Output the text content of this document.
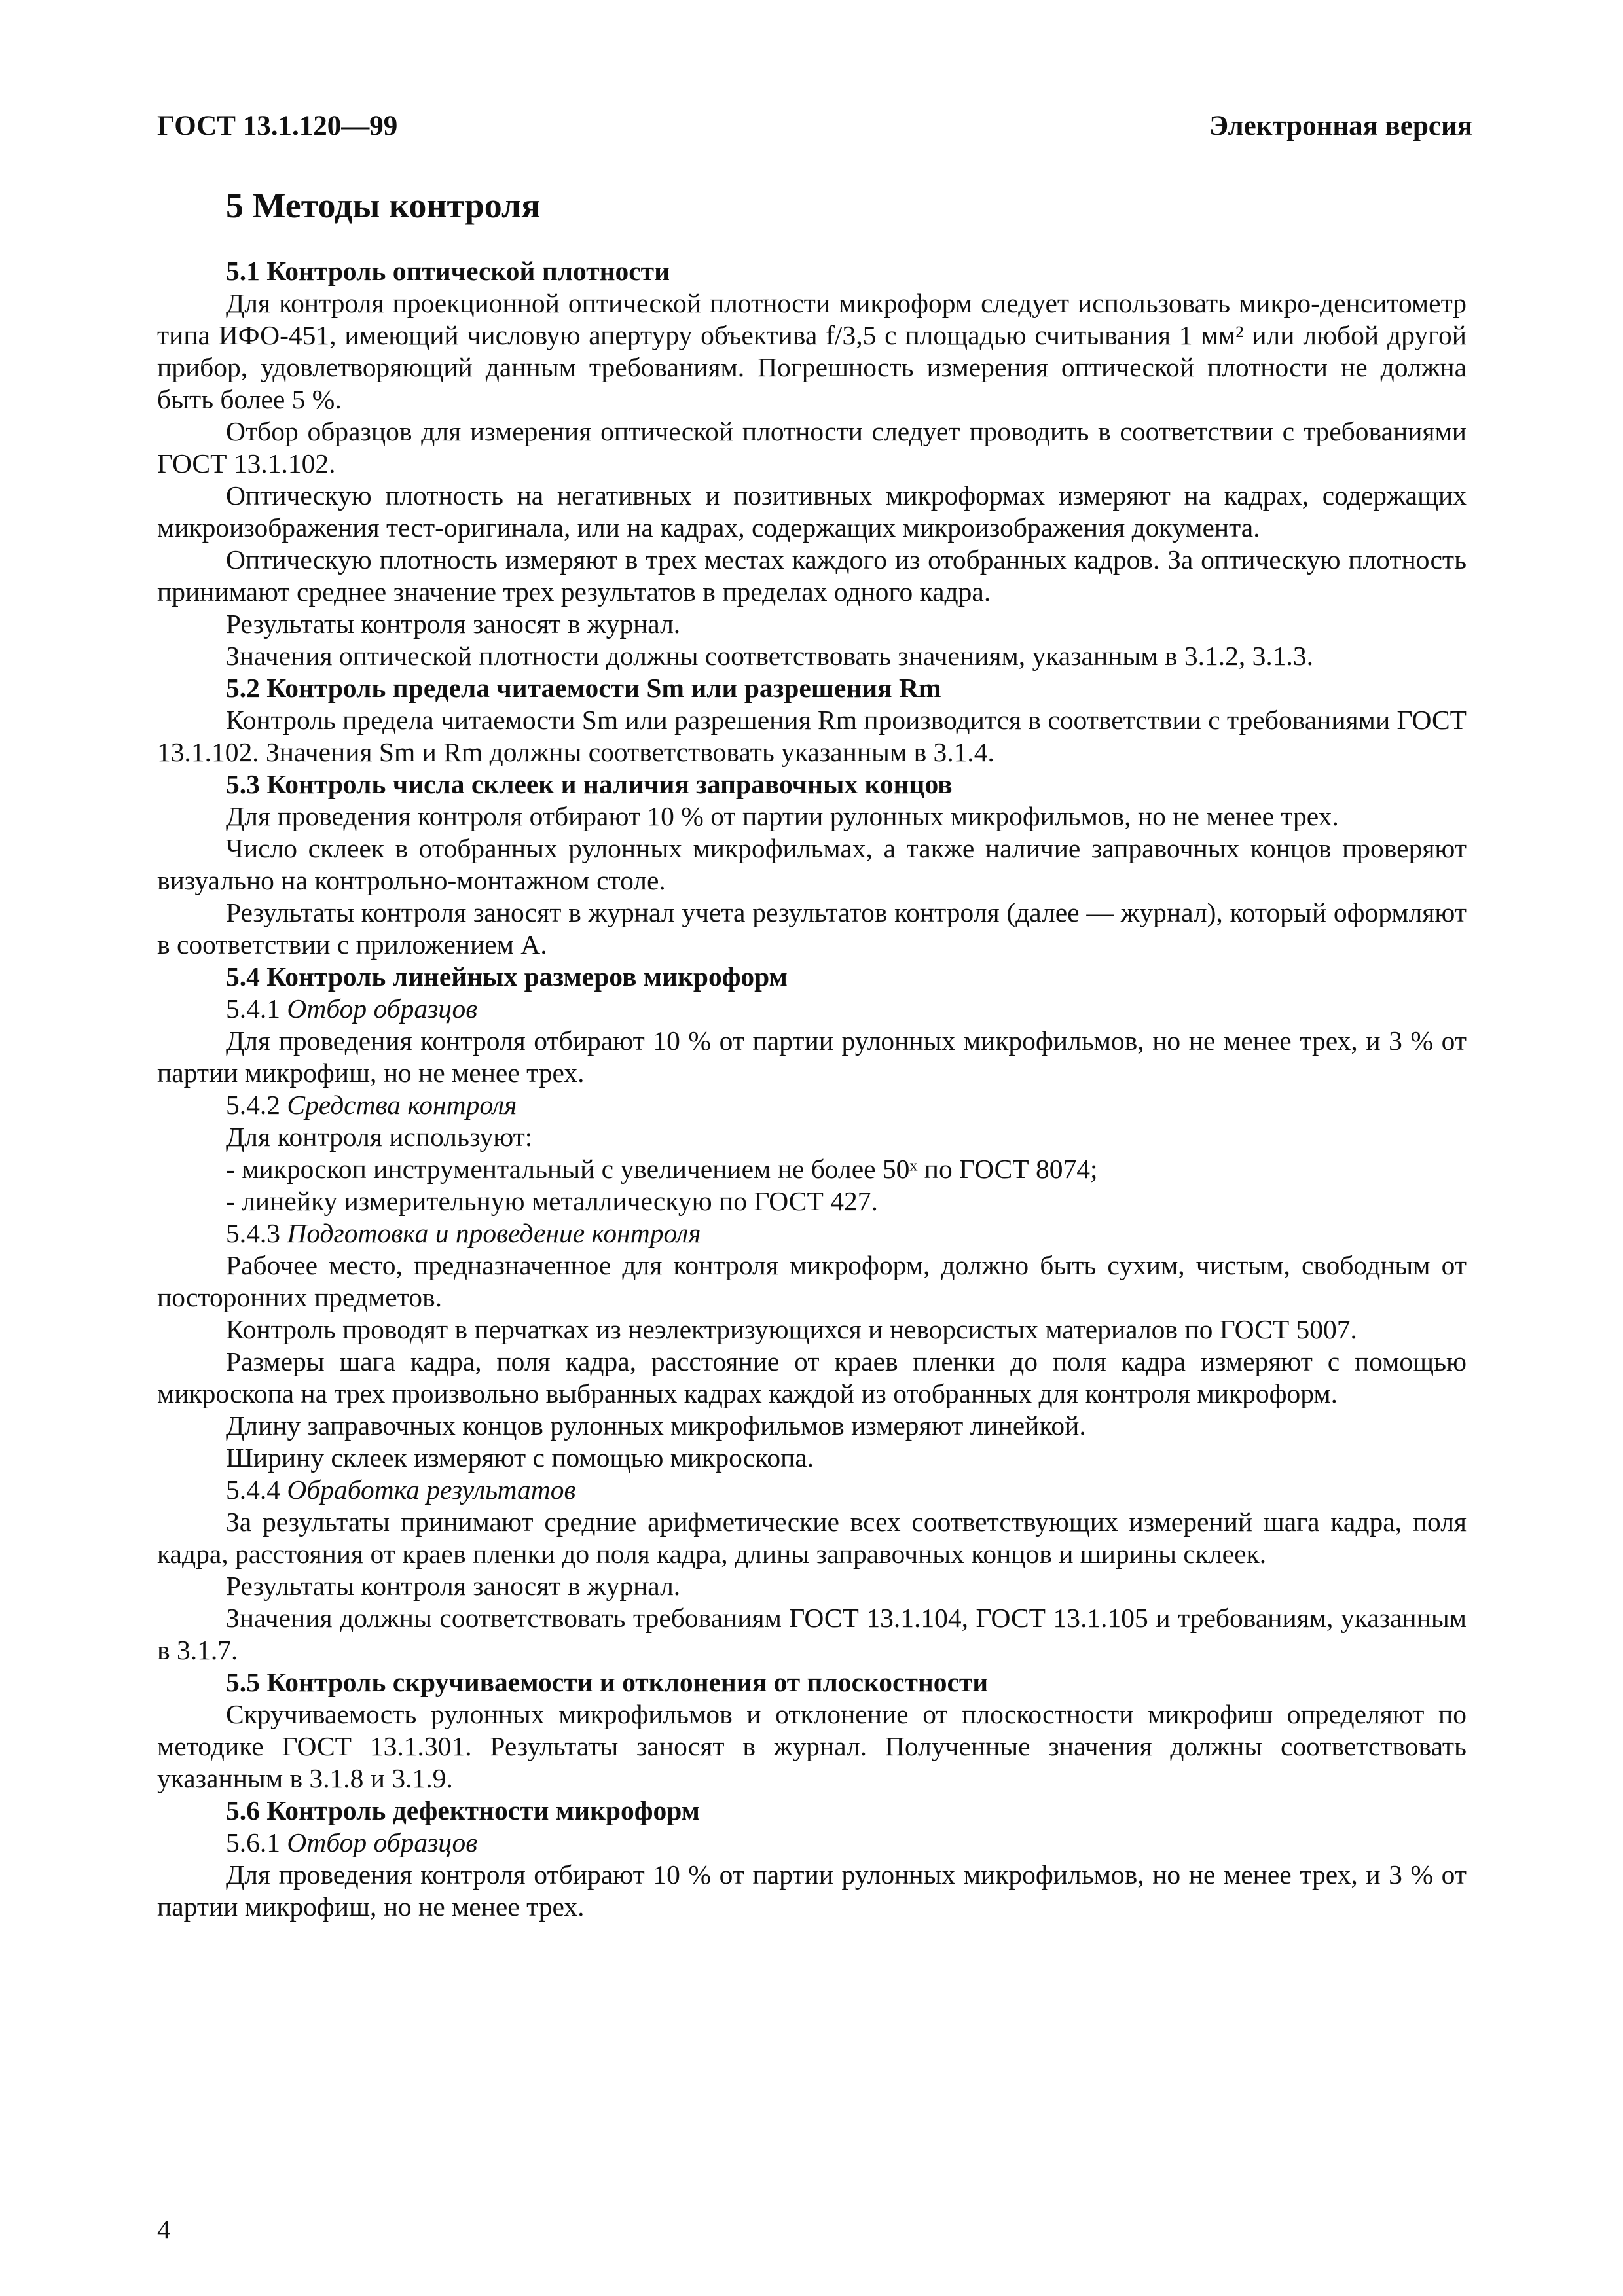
ГОСТ 13.1.120—99	Электронная версия
5 Методы контроля

5.1 Контроль оптической плотности

Для контроля проекционной оптической плотности микроформ следует использовать микро-денситометр типа ИФО-451, имеющий числовую апертуру объектива f/3,5 с площадью считывания 1 мм² или любой другой прибор, удовлетворяющий данным требованиям. Погрешность измерения оптической плотности не должна быть более 5 %.

Отбор образцов для измерения оптической плотности следует проводить в соответствии с требованиями ГОСТ 13.1.102.

Оптическую плотность на негативных и позитивных микроформах измеряют на кадрах, содержащих микроизображения тест-оригинала, или на кадрах, содержащих микроизображения документа.

Оптическую плотность измеряют в трех местах каждого из отобранных кадров. За оптическую плотность принимают среднее значение трех результатов в пределах одного кадра.

Результаты контроля заносят в журнал.

Значения оптической плотности должны соответствовать значениям, указанным в 3.1.2, 3.1.3.

5.2 Контроль предела читаемости Sm или разрешения Rm

Контроль предела читаемости Sm или разрешения Rm производится в соответствии с требованиями ГОСТ 13.1.102. Значения Sm и Rm должны соответствовать указанным в 3.1.4.

5.3 Контроль числа склеек и наличия заправочных концов

Для проведения контроля отбирают 10 % от партии рулонных микрофильмов, но не менее трех.

Число склеек в отобранных рулонных микрофильмах, а также наличие заправочных концов проверяют визуально на контрольно-монтажном столе.

Результаты контроля заносят в журнал учета результатов контроля (далее — журнал), который оформляют в соответствии с приложением А.

5.4 Контроль линейных размеров микроформ

5.4.1 Отбор образцов

Для проведения контроля отбирают 10 % от партии рулонных микрофильмов, но не менее трех, и 3 % от партии микрофиш, но не менее трех.

5.4.2 Средства контроля

Для контроля используют:

- микроскоп инструментальный с увеличением не более 50ˣ по ГОСТ 8074;

- линейку измерительную металлическую по ГОСТ 427.

5.4.3 Подготовка и проведение контроля

Рабочее место, предназначенное для контроля микроформ, должно быть сухим, чистым, свободным от посторонних предметов.

Контроль проводят в перчатках из неэлектризующихся и неворсистых материалов по ГОСТ 5007.

Размеры шага кадра, поля кадра, расстояние от краев пленки до поля кадра измеряют с помощью микроскопа на трех произвольно выбранных кадрах каждой из отобранных для контроля микроформ.

Длину заправочных концов рулонных микрофильмов измеряют линейкой.

Ширину склеек измеряют с помощью микроскопа.

5.4.4 Обработка результатов

За результаты принимают средние арифметические всех соответствующих измерений шага кадра, поля кадра, расстояния от краев пленки до поля кадра, длины заправочных концов и ширины склеек.

Результаты контроля заносят в журнал.

Значения должны соответствовать требованиям ГОСТ 13.1.104, ГОСТ 13.1.105 и требованиям, указанным в 3.1.7.

5.5 Контроль скручиваемости и отклонения от плоскостности

Скручиваемость рулонных микрофильмов и отклонение от плоскостности микрофиш определяют по методике ГОСТ 13.1.301. Результаты заносят в журнал. Полученные значения должны соответствовать указанным в 3.1.8 и 3.1.9.

5.6 Контроль дефектности микроформ

5.6.1 Отбор образцов

Для проведения контроля отбирают 10 % от партии рулонных микрофильмов, но не менее трех, и 3 % от партии микрофиш, но не менее трех.

4
